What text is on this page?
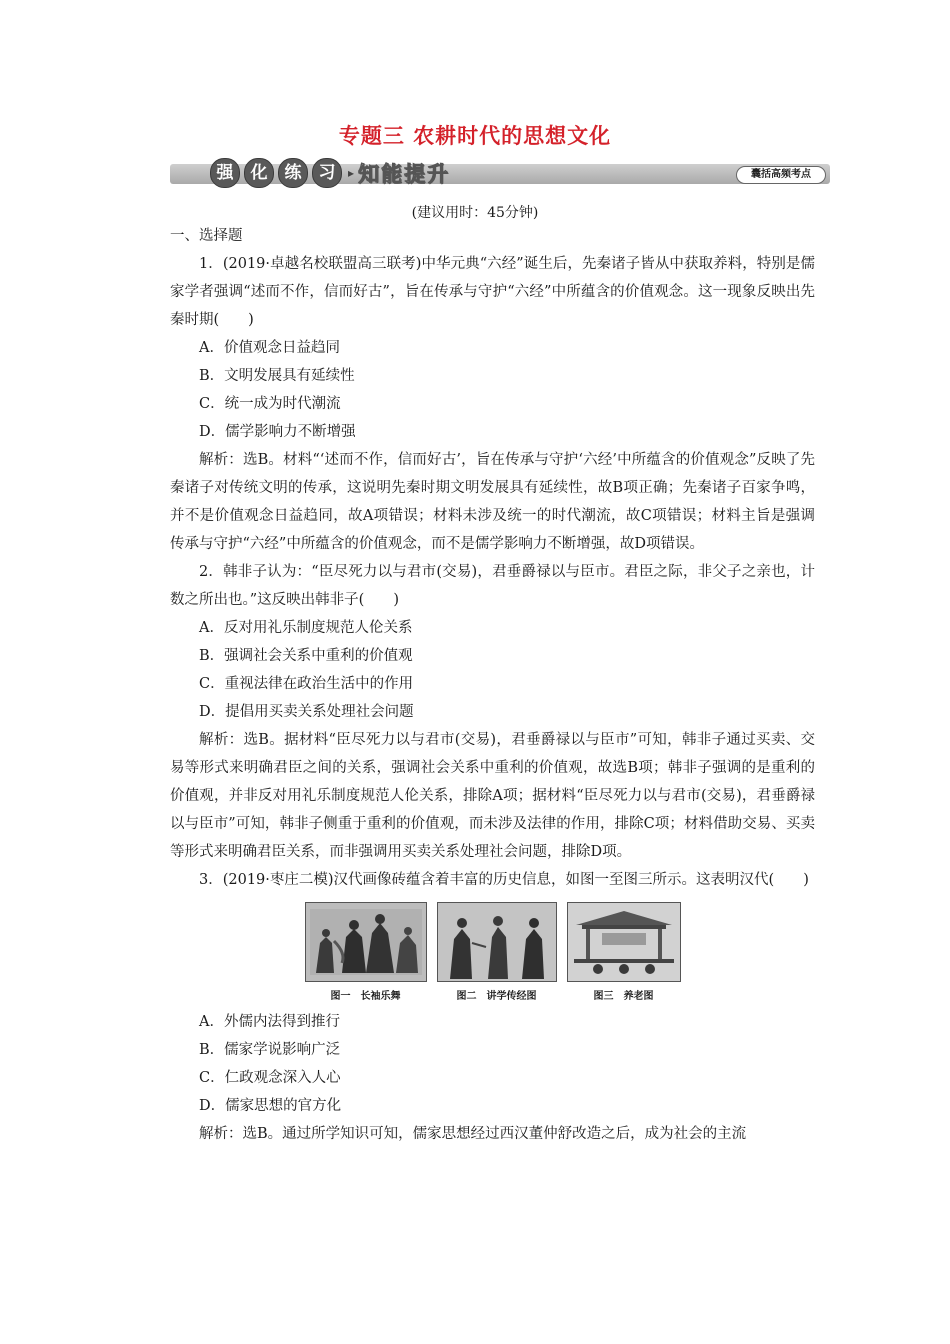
专题三 农耕时代的思想文化
强	化	练	习	▸ 知能提升	囊括高频考点
(建议用时：45分钟)

一、选择题

1．(2019·卓越名校联盟高三联考)中华元典“六经”诞生后，先秦诸子皆从中获取养料，特别是儒家学者强调“述而不作，信而好古”，旨在传承与守护“六经”中所蕴含的价值观念。这一现象反映出先秦时期(　　)

A．价值观念日益趋同

B．文明发展具有延续性

C．统一成为时代潮流

D．儒学影响力不断增强

解析：选B。材料“‘述而不作，信而好古’，旨在传承与守护‘六经’中所蕴含的价值观念”反映了先秦诸子对传统文明的传承，这说明先秦时期文明发展具有延续性，故B项正确；先秦诸子百家争鸣，并不是价值观念日益趋同，故A项错误；材料未涉及统一的时代潮流，故C项错误；材料主旨是强调传承与守护“六经”中所蕴含的价值观念，而不是儒学影响力不断增强，故D项错误。

2．韩非子认为：“臣尽死力以与君市(交易)，君垂爵禄以与臣市。君臣之际，非父子之亲也，计数之所出也。”这反映出韩非子(　　)

A．反对用礼乐制度规范人伦关系

B．强调社会关系中重利的价值观

C．重视法律在政治生活中的作用

D．提倡用买卖关系处理社会问题

解析：选B。据材料“臣尽死力以与君市(交易)，君垂爵禄以与臣市”可知，韩非子通过买卖、交易等形式来明确君臣之间的关系，强调社会关系中重利的价值观，故选B项；韩非子强调的是重利的价值观，并非反对用礼乐制度规范人伦关系，排除A项；据材料“臣尽死力以与君市(交易)，君垂爵禄以与臣市”可知，韩非子侧重于重利的价值观，而未涉及法律的作用，排除C项；材料借助交易、买卖等形式来明确君臣关系，而非强调用买卖关系处理社会问题，排除D项。

3．(2019·枣庄二模)汉代画像砖蕴含着丰富的历史信息，如图一至图三所示。这表明汉代(　　)

图一　长袖乐舞	图二　讲学传经图	图三　养老图

A．外儒内法得到推行

B．儒家学说影响广泛

C．仁政观念深入人心

D．儒家思想的官方化

解析：选B。通过所学知识可知，儒家思想经过西汉董仲舒改造之后，成为社会的主流
